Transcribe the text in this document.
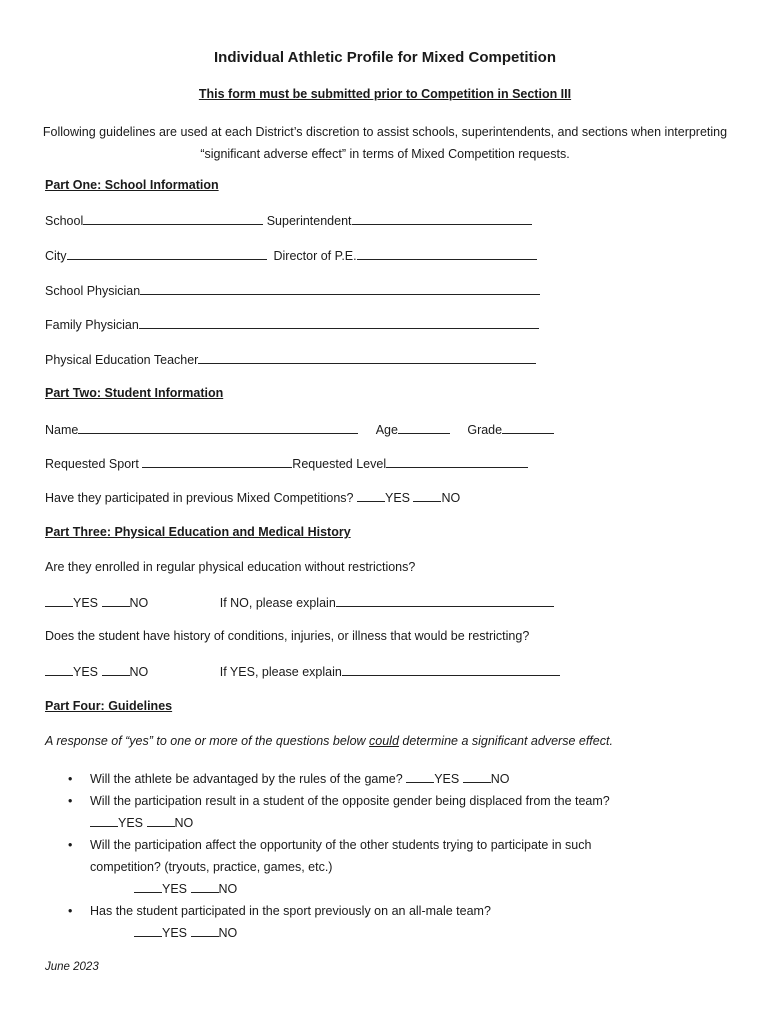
Individual Athletic Profile for Mixed Competition
This form must be submitted prior to Competition in Section III
Following guidelines are used at each District’s discretion to assist schools, superintendents, and sections when interpreting “significant adverse effect” in terms of Mixed Competition requests.
Part One: School Information
School	Superintendent
City	Director of P.E.
School Physician
Family Physician
Physical Education Teacher
Part Two: Student Information
Name	Age	Grade
Requested Sport	Requested Level
Have they participated in previous Mixed Competitions?	YES	NO
Part Three: Physical Education and Medical History
Are they enrolled in regular physical education without restrictions?
YES	NO	If NO, please explain
Does the student have history of conditions, injuries, or illness that would be restricting?
YES	NO	If YES, please explain
Part Four: Guidelines
A response of “yes” to one or more of the questions below could determine a significant adverse effect.
• Will the athlete be advantaged by the rules of the game?	YES	NO
• Will the participation result in a student of the opposite gender being displaced from the team?
YES	NO
• Will the participation affect the opportunity of the other students trying to participate in such
competition? (tryouts, practice, games, etc.)
YES	NO
• Has the student participated in the sport previously on an all-male team?
YES	NO
June 2023
